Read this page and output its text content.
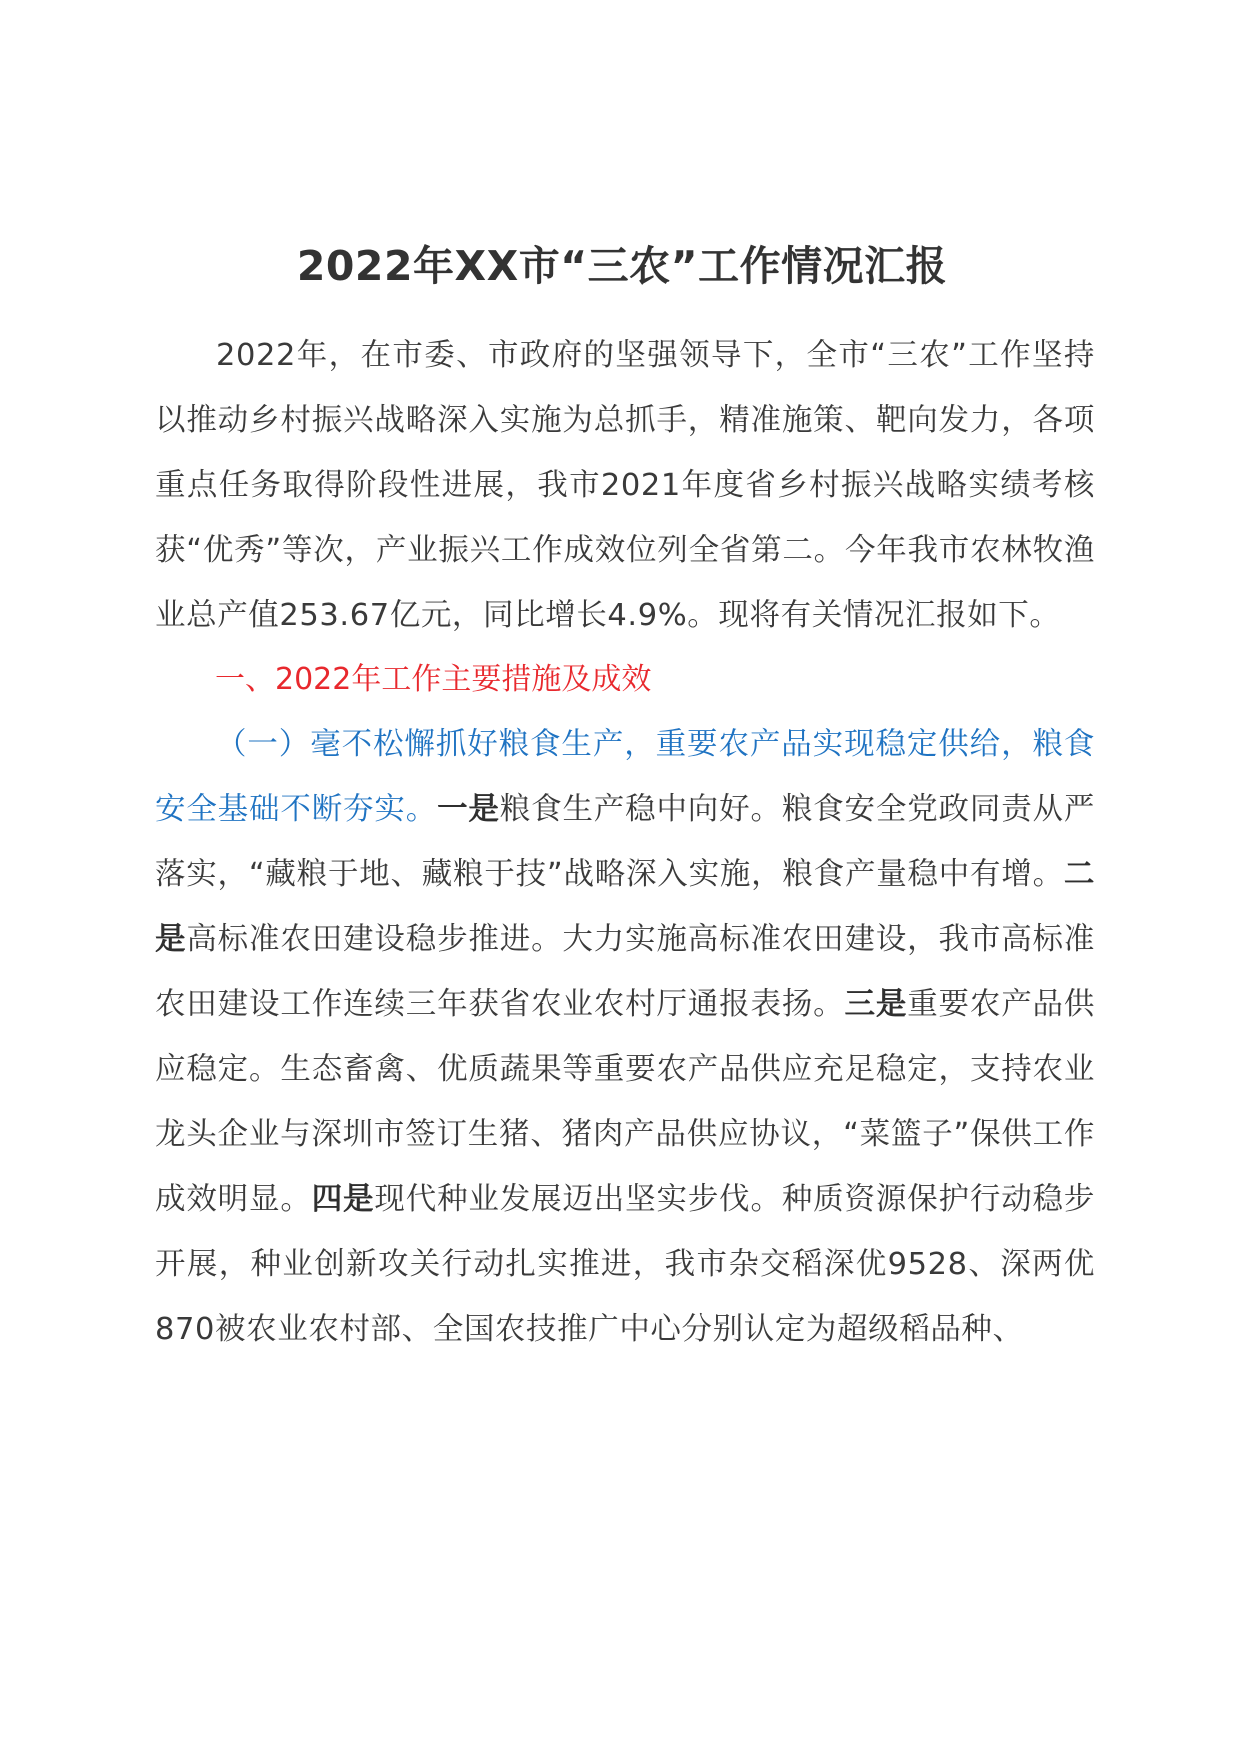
2022年XX市“三农”工作情况汇报

2022年，在市委、市政府的坚强领导下，全市“三农”工作坚持以推动乡村振兴战略深入实施为总抓手，精准施策、靶向发力，各项重点任务取得阶段性进展，我市2021年度省乡村振兴战略实绩考核获“优秀”等次，产业振兴工作成效位列全省第二。今年我市农林牧渔业总产值253.67亿元，同比增长4.9%。现将有关情况汇报如下。

一、2022年工作主要措施及成效

（一）毫不松懈抓好粮食生产，重要农产品实现稳定供给，粮食安全基础不断夯实。一是粮食生产稳中向好。粮食安全党政同责从严落实，“藏粮于地、藏粮于技”战略深入实施，粮食产量稳中有增。二是高标准农田建设稳步推进。大力实施高标准农田建设，我市高标准农田建设工作连续三年获省农业农村厅通报表扬。三是重要农产品供应稳定。生态畜禽、优质蔬果等重要农产品供应充足稳定，支持农业龙头企业与深圳市签订生猪、猪肉产品供应协议，“菜篮子”保供工作成效明显。四是现代种业发展迈出坚实步伐。种质资源保护行动稳步开展，种业创新攻关行动扎实推进，我市杂交稻深优9528、深两优870被农业农村部、全国农技推广中心分别认定为超级稻品种、
